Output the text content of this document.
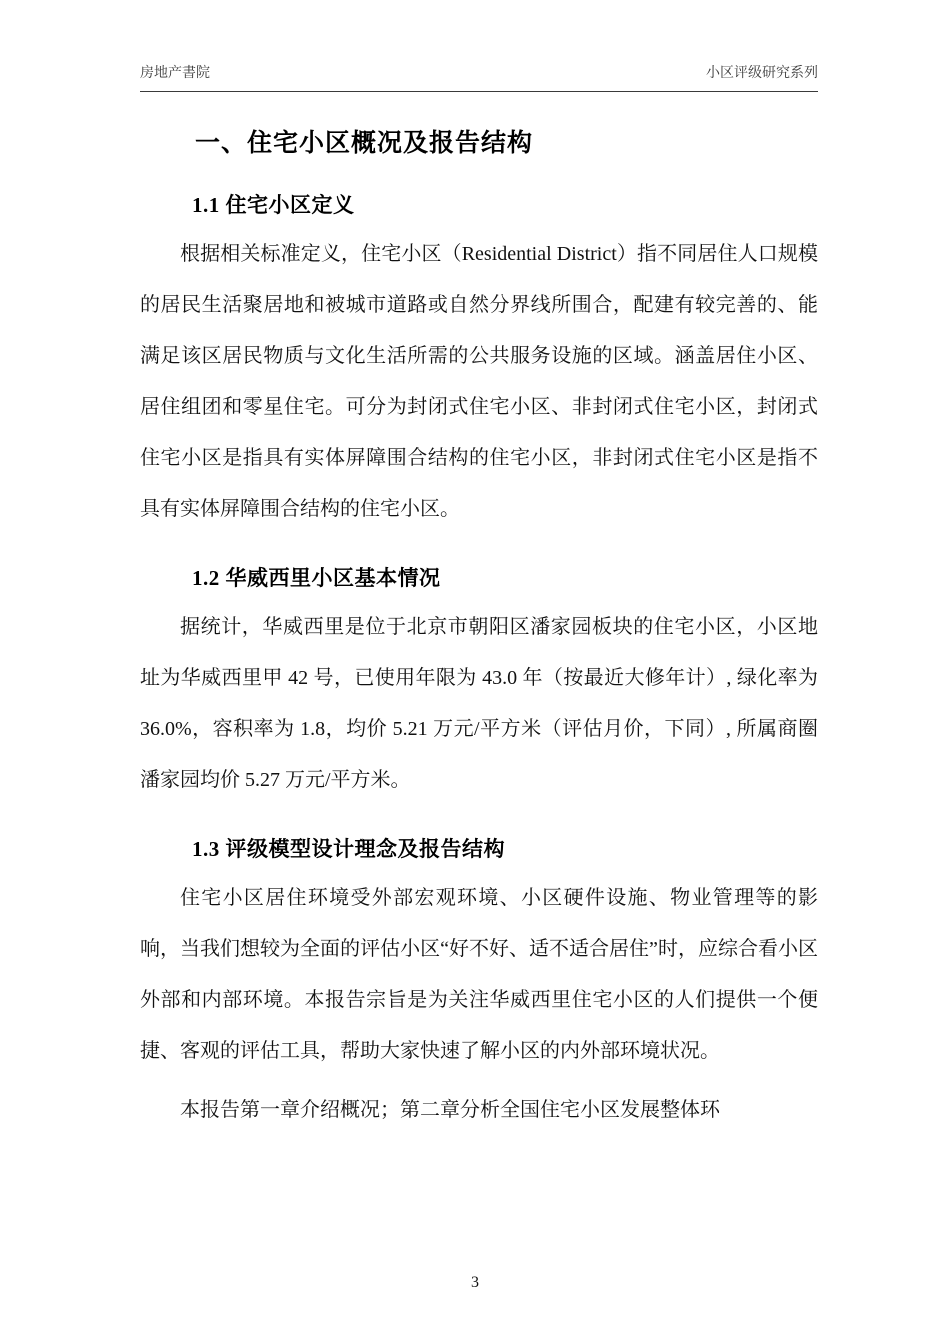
房地产書院	小区评级研究系列
一、住宅小区概况及报告结构
1.1 住宅小区定义

根据相关标准定义，住宅小区（Residential District）指不同居住人口规模的居民生活聚居地和被城市道路或自然分界线所围合，配建有较完善的、能满足该区居民物质与文化生活所需的公共服务设施的区域。涵盖居住小区、居住组团和零星住宅。可分为封闭式住宅小区、非封闭式住宅小区，封闭式住宅小区是指具有实体屏障围合结构的住宅小区，非封闭式住宅小区是指不具有实体屏障围合结构的住宅小区。

1.2 华威西里小区基本情况

据统计，华威西里是位于北京市朝阳区潘家园板块的住宅小区，小区地址为华威西里甲 42 号，已使用年限为 43.0 年（按最近大修年计）, 绿化率为 36.0%，容积率为 1.8，均价 5.21 万元/平方米（评估月价，下同）, 所属商圈潘家园均价 5.27 万元/平方米。

1.3 评级模型设计理念及报告结构

住宅小区居住环境受外部宏观环境、小区硬件设施、物业管理等的影响，当我们想较为全面的评估小区“好不好、适不适合居住”时，应综合看小区外部和内部环境。本报告宗旨是为关注华威西里住宅小区的人们提供一个便捷、客观的评估工具，帮助大家快速了解小区的内外部环境状况。

本报告第一章介绍概况；第二章分析全国住宅小区发展整体环

3
